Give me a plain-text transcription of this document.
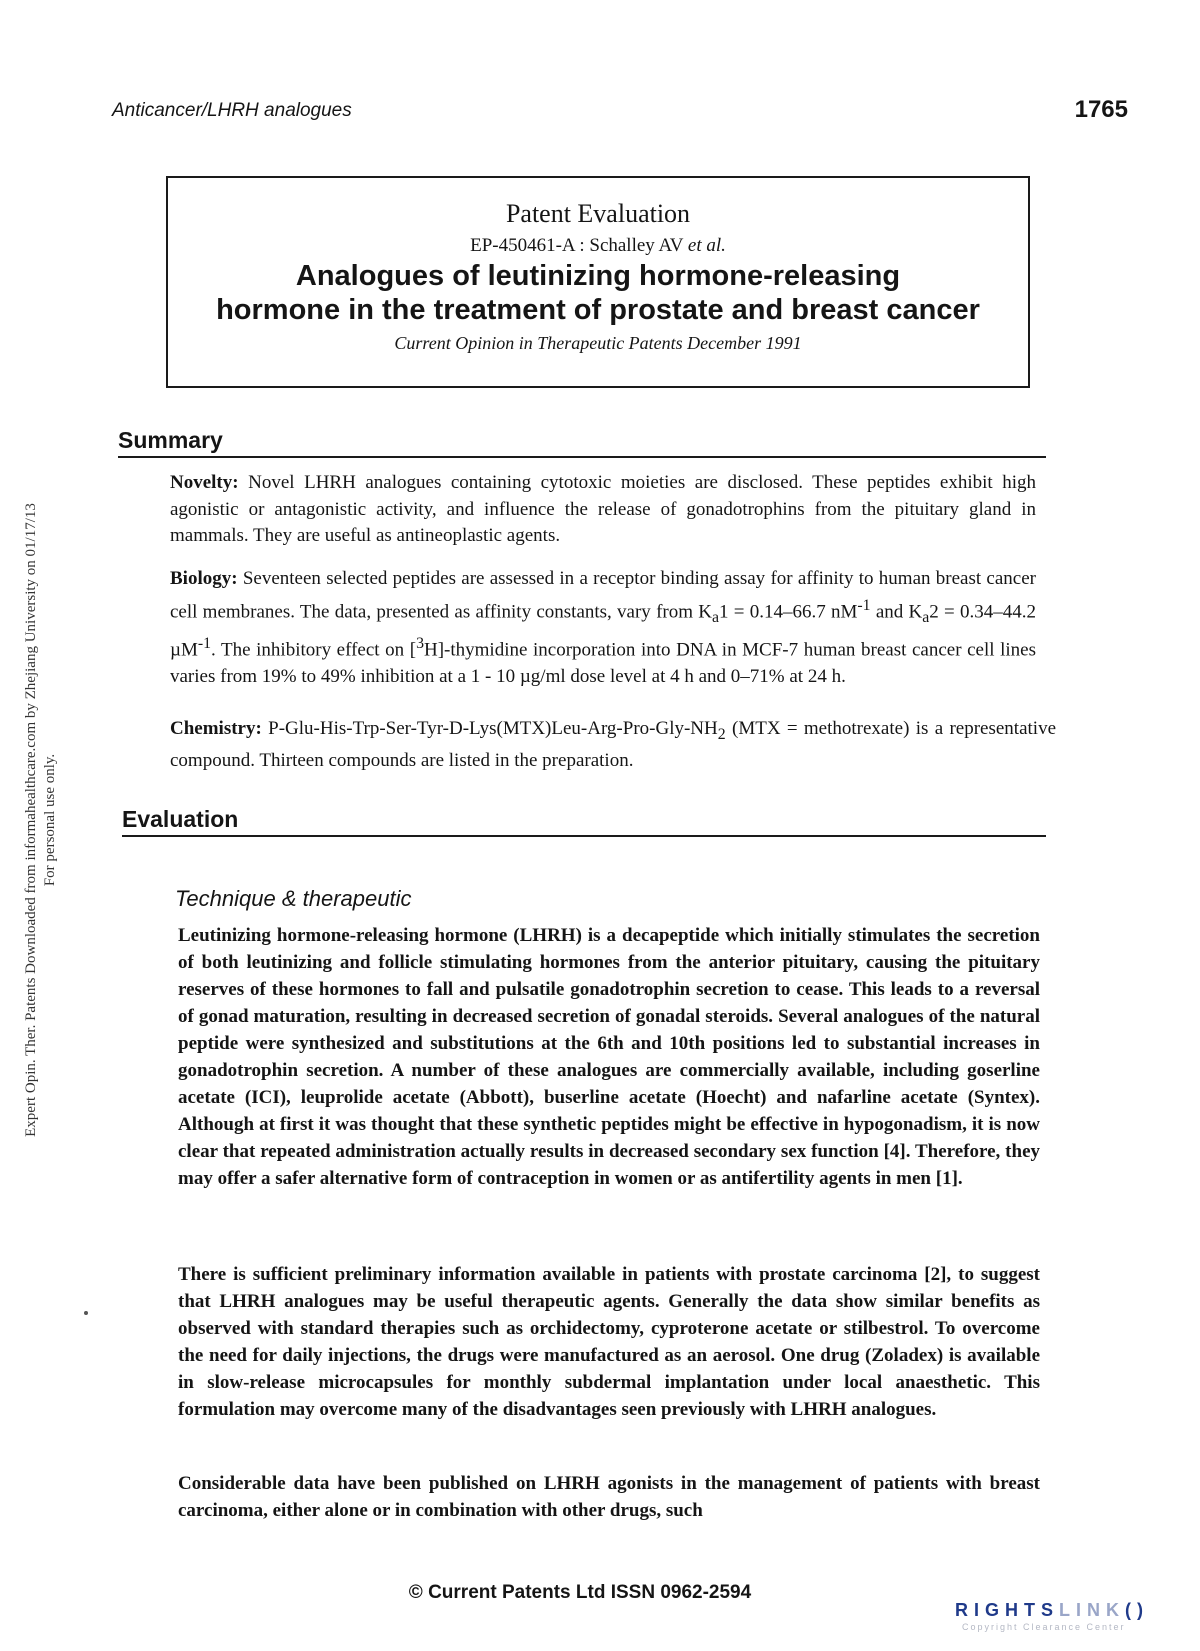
Expert Opin. Ther. Patents Downloaded from informahealthcare.com by Zhejiang University on 01/17/13 For personal use only.
Anticancer/LHRH analogues	1765
Patent Evaluation
EP-450461-A : Schalley AV et al.
Analogues of leutinizing hormone-releasing
hormone in the treatment of prostate and breast cancer
Current Opinion in Therapeutic Patents December 1991
Summary
Novelty: Novel LHRH analogues containing cytotoxic moieties are disclosed. These peptides exhibit high agonistic or antagonistic activity, and influence the release of gonadotrophins from the pituitary gland in mammals. They are useful as antineoplastic agents.
Biology: Seventeen selected peptides are assessed in a receptor binding assay for affinity to human breast cancer cell membranes. The data, presented as affinity constants, vary from $K_a1 = 0.14-66.7$ $nM^{-1}$ and $K_a2 = 0.34-44.2$ µM$^{-1}$. The inhibitory effect on [$^3$H]-thymidine incorporation into DNA in MCF-7 human breast cancer cell lines varies from 19% to 49% inhibition at a 1 - 10 µg/ml dose level at 4 h and 0–71% at 24 h.
Chemistry: $P-Glu-His-Trp-Ser-Tyr-D-Lys(MTX)Leu-Arg-Pro-Gly-NH_2$ (MTX = methotrexate) is a representative compound. Thirteen compounds are listed in the preparation.
Evaluation
Technique & therapeutic
Leutinizing hormone-releasing hormone (LHRH) is a decapeptide which initially stimulates the secretion of both leutinizing and follicle stimulating hormones from the anterior pituitary, causing the pituitary reserves of these hormones to fall and pulsatile gonadotrophin secretion to cease. This leads to a reversal of gonad maturation, resulting in decreased secretion of gonadal steroids. Several analogues of the natural peptide were synthesized and substitutions at the 6th and 10th positions led to substantial increases in gonadotrophin secretion. A number of these analogues are commercially available, including goserline acetate (ICI), leuprolide acetate (Abbott), buserline acetate (Hoecht) and nafarline acetate (Syntex). Although at first it was thought that these synthetic peptides might be effective in hypogonadism, it is now clear that repeated administration actually results in decreased secondary sex function [4]. Therefore, they may offer a safer alternative form of contraception in women or as antifertility agents in men [1].
There is sufficient preliminary information available in patients with prostate carcinoma [2], to suggest that LHRH analogues may be useful therapeutic agents. Generally the data show similar benefits as observed with standard therapies such as orchidectomy, cyproterone acetate or stilbestrol. To overcome the need for daily injections, the drugs were manufactured as an aerosol. One drug (Zoladex) is available in slow-release microcapsules for monthly subdermal implantation under local anaesthetic. This formulation may overcome many of the disadvantages seen previously with LHRH analogues.
Considerable data have been published on LHRH agonists in the management of patients with breast carcinoma, either alone or in combination with other drugs, such
© Current Patents Ltd ISSN 0962-2594
RIGHTSLINK()
Copyright Clearance Center
